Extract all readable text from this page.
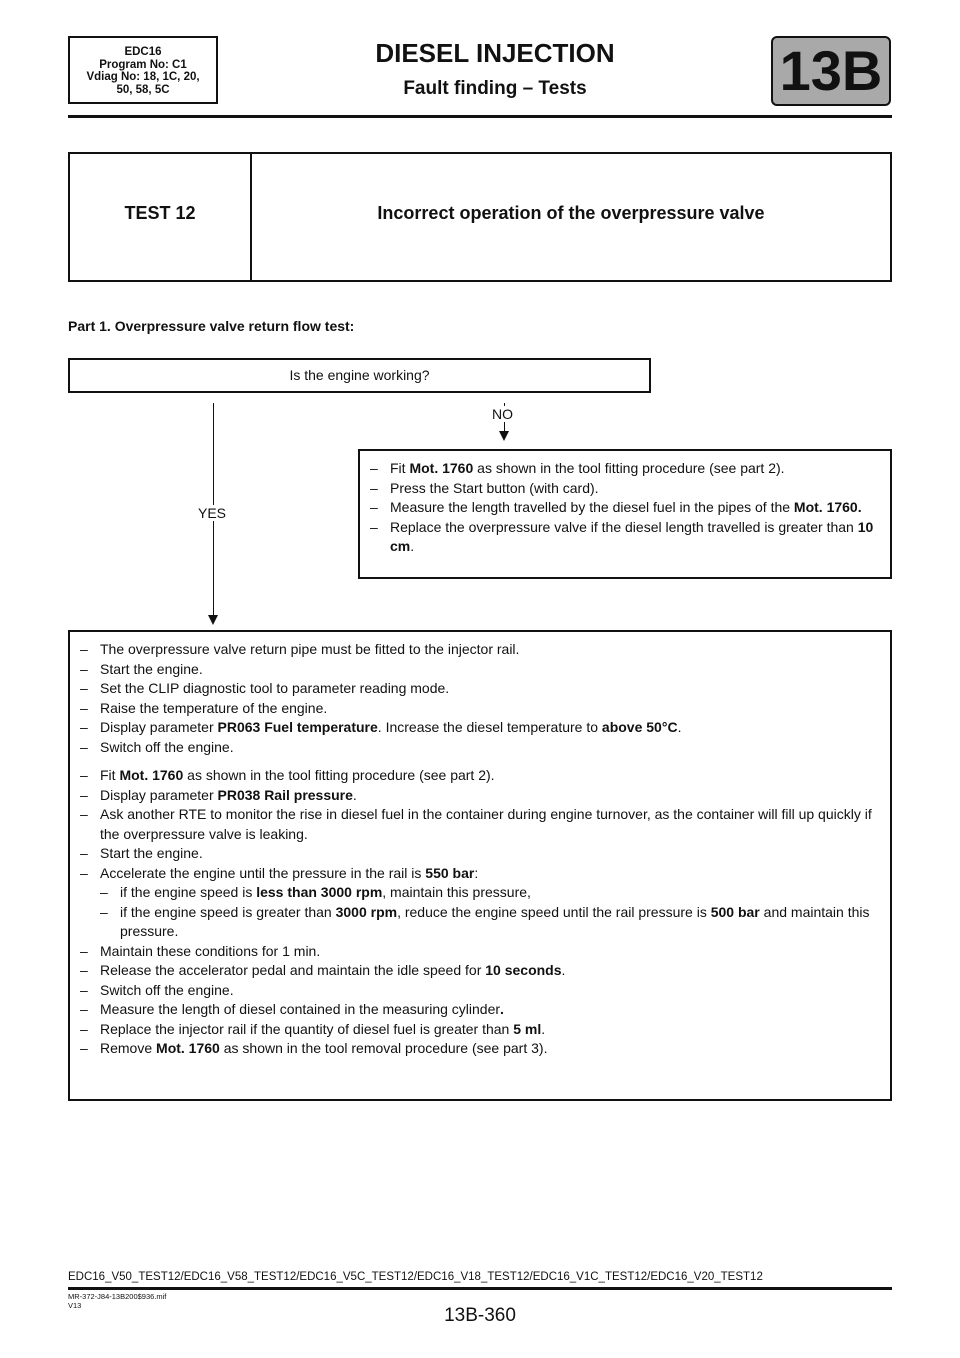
EDC16
Program No: C1
Vdiag No: 18, 1C, 20,
50, 58, 5C
DIESEL INJECTION
Fault finding – Tests	13B
TEST 12	Incorrect operation of the overpressure valve
Part 1. Overpressure valve return flow test:
Is the engine working?
YES
NO
– Fit Mot. 1760 as shown in the tool fitting procedure (see part 2).
– Press the Start button (with card).
– Measure the length travelled by the diesel fuel in the pipes of the Mot. 1760.
– Replace the overpressure valve if the diesel length travelled is greater than 10 cm.
– The overpressure valve return pipe must be fitted to the injector rail.
– Start the engine.
– Set the CLIP diagnostic tool to parameter reading mode.
– Raise the temperature of the engine.
– Display parameter PR063 Fuel temperature. Increase the diesel temperature to above 50°C.
– Switch off the engine.
– Fit Mot. 1760 as shown in the tool fitting procedure (see part 2).
– Display parameter PR038 Rail pressure.
– Ask another RTE to monitor the rise in diesel fuel in the container during engine turnover, as the container will fill up quickly if the overpressure valve is leaking.
– Start the engine.
– Accelerate the engine until the pressure in the rail is 550 bar:
– if the engine speed is less than 3000 rpm, maintain this pressure,
– if the engine speed is greater than 3000 rpm, reduce the engine speed until the rail pressure is 500 bar and maintain this pressure.
– Maintain these conditions for 1 min.
– Release the accelerator pedal and maintain the idle speed for 10 seconds.
– Switch off the engine.
– Measure the length of diesel contained in the measuring cylinder.
– Replace the injector rail if the quantity of diesel fuel is greater than 5 ml.
– Remove Mot. 1760 as shown in the tool removal procedure (see part 3).
EDC16_V50_TEST12/EDC16_V58_TEST12/EDC16_V5C_TEST12/EDC16_V18_TEST12/EDC16_V1C_TEST12/EDC16_V20_TEST12
MR-372-J84-13B200$936.mif
V13	13B-360
